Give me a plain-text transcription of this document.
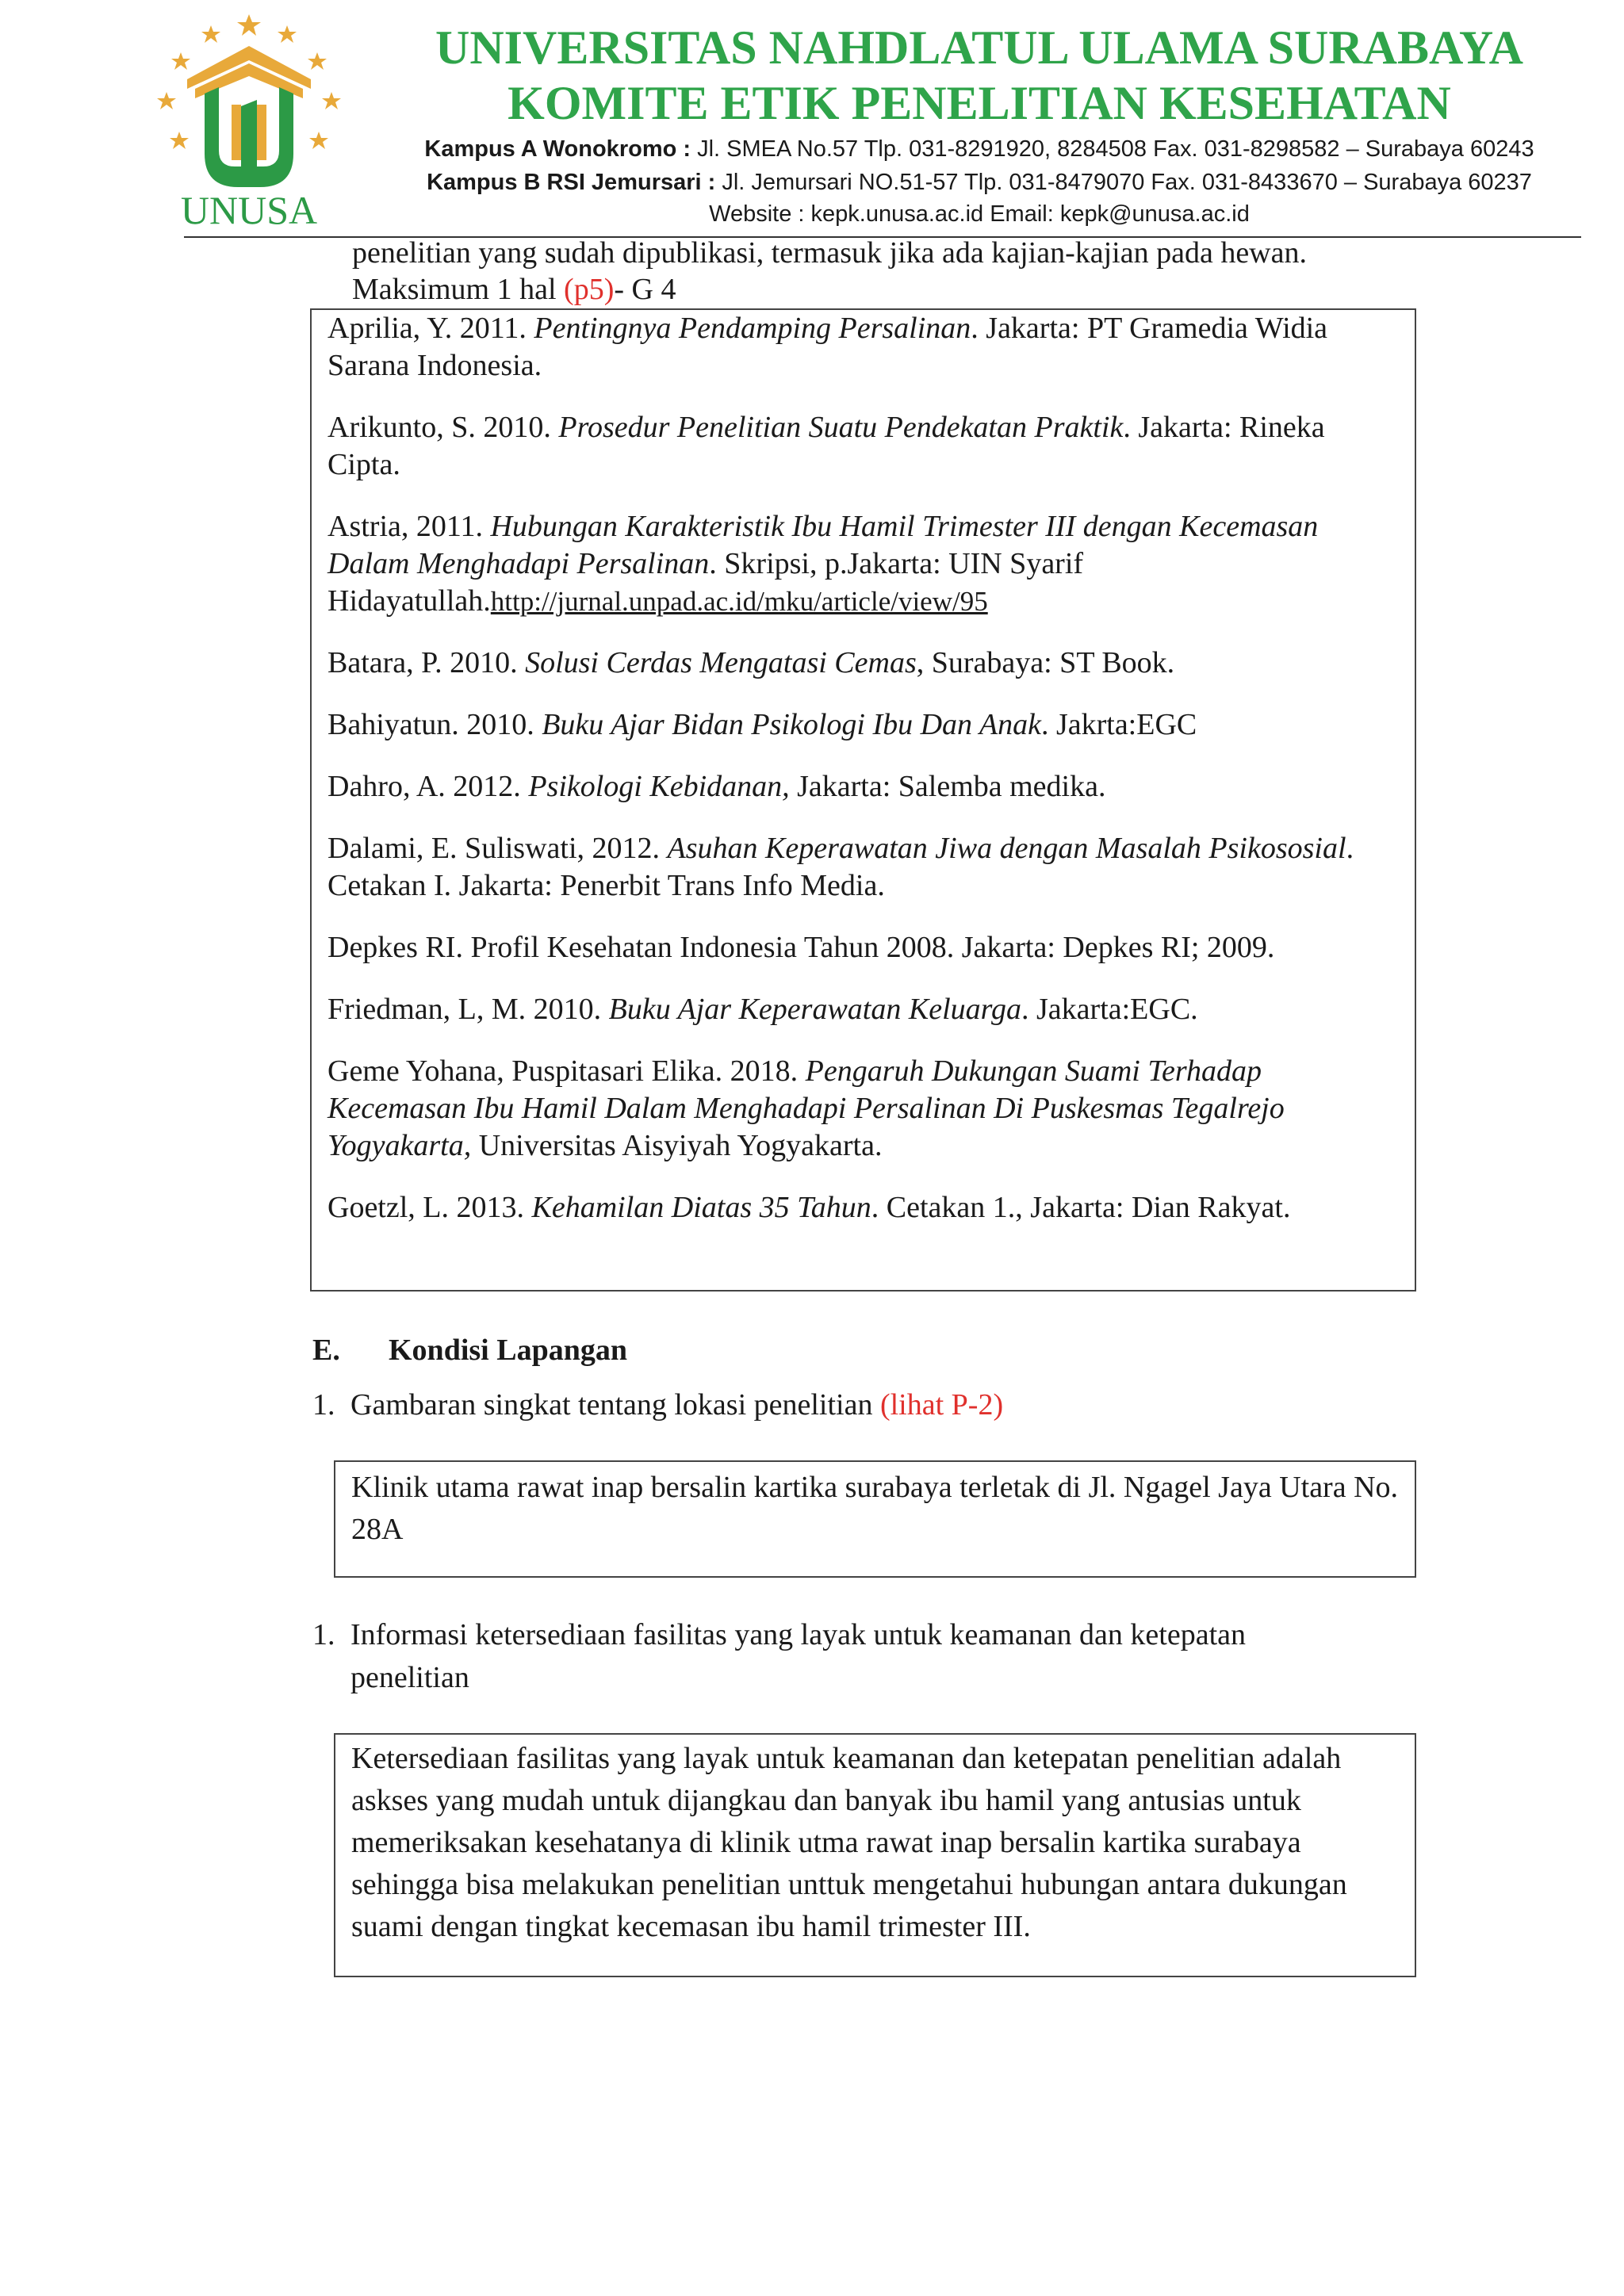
UNUSA
UNIVERSITAS NAHDLATUL ULAMA SURABAYA
KOMITE ETIK PENELITIAN KESEHATAN
Kampus A Wonokromo : Jl. SMEA No.57 Tlp. 031-8291920, 8284508 Fax. 031-8298582 – Surabaya 60243
Kampus B RSI Jemursari : Jl. Jemursari NO.51-57 Tlp. 031-8479070 Fax. 031-8433670 – Surabaya 60237
Website : kepk.unusa.ac.id Email: kepk@unusa.ac.id

penelitian yang sudah dipublikasi, termasuk jika ada kajian-kajian pada hewan.

Maksimum 1 hal (p5)- G 4

Aprilia, Y. 2011. Pentingnya Pendamping Persalinan. Jakarta: PT Gramedia Widia Sarana Indonesia.

Arikunto, S. 2010. Prosedur Penelitian Suatu Pendekatan Praktik. Jakarta: Rineka Cipta.

Astria, 2011. Hubungan Karakteristik Ibu Hamil Trimester III dengan Kecemasan Dalam Menghadapi Persalinan. Skripsi, p.Jakarta: UIN Syarif Hidayatullah.http://jurnal.unpad.ac.id/mku/article/view/95

Batara, P. 2010. Solusi Cerdas Mengatasi Cemas, Surabaya: ST Book.

Bahiyatun. 2010. Buku Ajar Bidan Psikologi Ibu Dan Anak. Jakrta:EGC

Dahro, A. 2012. Psikologi Kebidanan, Jakarta: Salemba medika.

Dalami, E. Suliswati, 2012. Asuhan Keperawatan Jiwa dengan Masalah Psikososial. Cetakan I. Jakarta: Penerbit Trans Info Media.

Depkes RI. Profil Kesehatan Indonesia Tahun 2008. Jakarta: Depkes RI; 2009.

Friedman, L, M. 2010. Buku Ajar Keperawatan Keluarga. Jakarta:EGC.

Geme Yohana, Puspitasari Elika. 2018. Pengaruh Dukungan Suami Terhadap Kecemasan Ibu Hamil Dalam Menghadapi Persalinan Di Puskesmas Tegalrejo Yogyakarta, Universitas Aisyiyah Yogyakarta.

Goetzl, L. 2013. Kehamilan Diatas 35 Tahun. Cetakan 1., Jakarta: Dian Rakyat.

E. Kondisi Lapangan
1. Gambaran singkat tentang lokasi penelitian (lihat P-2)

Klinik utama rawat inap bersalin kartika surabaya terletak di Jl. Ngagel Jaya Utara No. 28A

1. Informasi ketersediaan fasilitas yang layak untuk keamanan dan ketepatan
penelitian

Ketersediaan fasilitas yang layak untuk keamanan dan ketepatan penelitian adalah askses yang mudah untuk dijangkau dan banyak ibu hamil yang antusias untuk memeriksakan kesehatanya di klinik utma rawat inap bersalin kartika surabaya sehingga bisa melakukan penelitian unttuk mengetahui hubungan antara dukungan suami dengan tingkat kecemasan ibu hamil trimester III.
